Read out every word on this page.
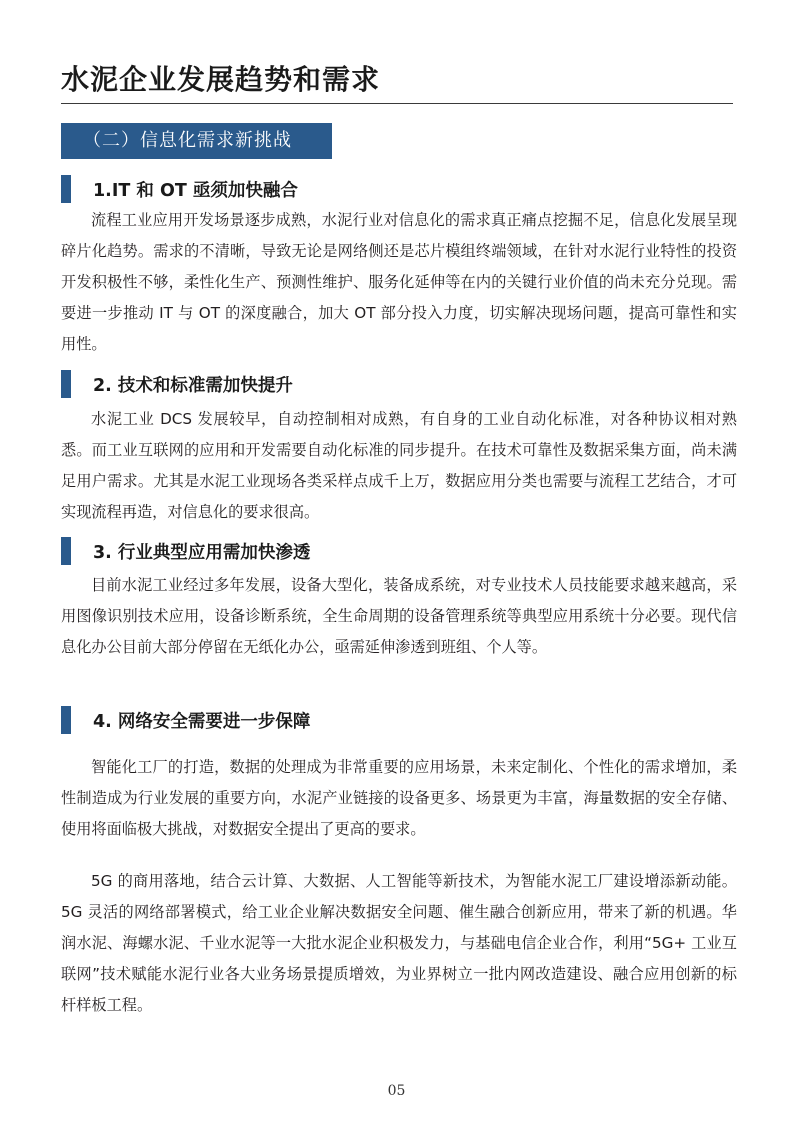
水泥企业发展趋势和需求
（二）信息化需求新挑战
1.IT 和 OT 亟须加快融合

流程工业应用开发场景逐步成熟，水泥行业对信息化的需求真正痛点挖掘不足，信息化发展呈现碎片化趋势。需求的不清晰，导致无论是网络侧还是芯片模组终端领域，在针对水泥行业特性的投资开发积极性不够，柔性化生产、预测性维护、服务化延伸等在内的关键行业价值的尚未充分兑现。需要进一步推动 IT 与 OT 的深度融合，加大 OT 部分投入力度，切实解决现场问题，提高可靠性和实用性。

2. 技术和标准需加快提升

水泥工业 DCS 发展较早，自动控制相对成熟，有自身的工业自动化标准，对各种协议相对熟悉。而工业互联网的应用和开发需要自动化标准的同步提升。在技术可靠性及数据采集方面，尚未满足用户需求。尤其是水泥工业现场各类采样点成千上万，数据应用分类也需要与流程工艺结合，才可实现流程再造，对信息化的要求很高。

3. 行业典型应用需加快渗透

目前水泥工业经过多年发展，设备大型化，装备成系统，对专业技术人员技能要求越来越高，采用图像识别技术应用，设备诊断系统，全生命周期的设备管理系统等典型应用系统十分必要。现代信息化办公目前大部分停留在无纸化办公，亟需延伸渗透到班组、个人等。

4. 网络安全需要进一步保障

智能化工厂的打造，数据的处理成为非常重要的应用场景，未来定制化、个性化的需求增加，柔性制造成为行业发展的重要方向，水泥产业链接的设备更多、场景更为丰富，海量数据的安全存储、使用将面临极大挑战，对数据安全提出了更高的要求。

5G 的商用落地，结合云计算、大数据、人工智能等新技术，为智能水泥工厂建设增添新动能。5G 灵活的网络部署模式，给工业企业解决数据安全问题、催生融合创新应用，带来了新的机遇。华润水泥、海螺水泥、千业水泥等一大批水泥企业积极发力，与基础电信企业合作，利用“5G+ 工业互联网”技术赋能水泥行业各大业务场景提质增效，为业界树立一批内网改造建设、融合应用创新的标杆样板工程。

05
